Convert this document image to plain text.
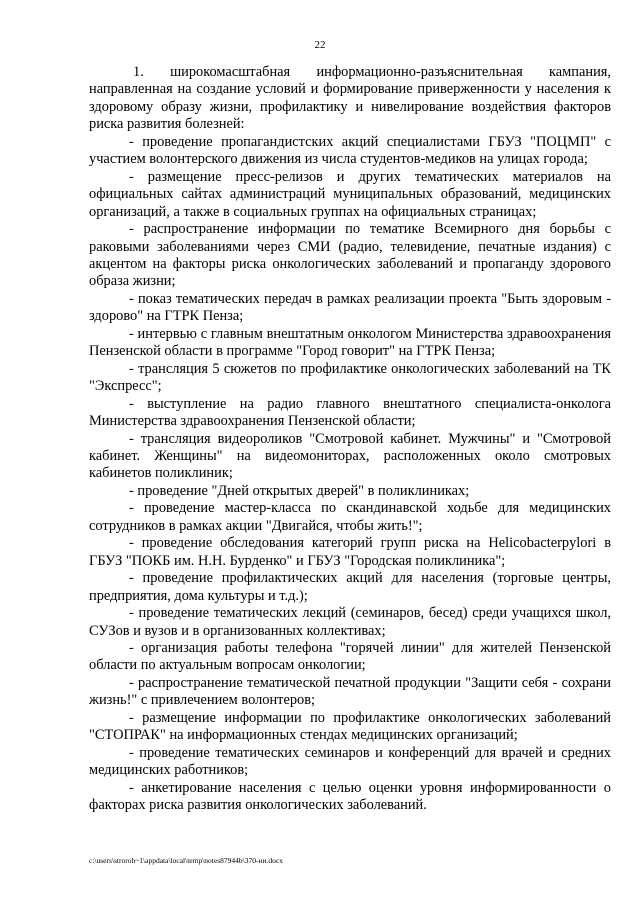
22

1. широкомасштабная информационно-разъяснительная кампания, направленная на создание условий и формирование приверженности у населения к здоровому образу жизни, профилактику и нивелирование воздействия факторов риска развития болезней:

- проведение пропагандистских акций специалистами ГБУЗ "ПОЦМП" с участием волонтерского движения из числа студентов-медиков на улицах города;

- размещение пресс-релизов и других тематических материалов на официальных сайтах администраций муниципальных образований, медицинских организаций, а также в социальных группах на официальных страницах;

- распространение информации по тематике Всемирного дня борьбы с раковыми заболеваниями через СМИ (радио, телевидение, печатные издания) с акцентом на факторы риска онкологических заболеваний и пропаганду здорового образа жизни;

- показ тематических передач в рамках реализации проекта "Быть здоровым - здорово" на ГТРК Пенза;

- интервью с главным внештатным онкологом Министерства здравоохранения Пензенской области в программе "Город говорит" на ГТРК Пенза;

- трансляция 5 сюжетов по профилактике онкологических заболеваний на ТК "Экспресс";

- выступление на радио главного внештатного специалиста-онколога Министерства здравоохранения Пензенской области;

- трансляция видеороликов "Смотровой кабинет. Мужчины" и "Смотровой кабинет. Женщины" на видеомониторах, расположенных около смотровых кабинетов поликлиник;

- проведение "Дней открытых дверей" в поликлиниках;

- проведение мастер-класса по скандинавской ходьбе для медицинских сотрудников в рамках акции "Двигайся, чтобы жить!";

- проведение обследования категорий групп риска на Helicobacterpylori в ГБУЗ "ПОКБ им. Н.Н. Бурденко" и ГБУЗ "Городская поликлиника";

- проведение профилактических акций для населения (торговые центры, предприятия, дома культуры и т.д.);

- проведение тематических лекций (семинаров, бесед) среди учащихся школ, СУЗов и вузов и в организованных коллективах;

- организация работы телефона "горячей линии" для жителей Пензенской области по актуальным вопросам онкологии;

- распространение тематической печатной продукции "Защити себя - сохрани жизнь!" с привлечением волонтеров;

- размещение информации по профилактике онкологических заболеваний "СТОПРАК" на информационных стендах медицинских организаций;

- проведение тематических семинаров и конференций для врачей и средних медицинских работников;

- анкетирование населения с целью оценки уровня информированности о факторах риска развития онкологических заболеваний.

c:\users\strоrоh~1\appdata\local\temp\notes87944b\370-ии.docx
